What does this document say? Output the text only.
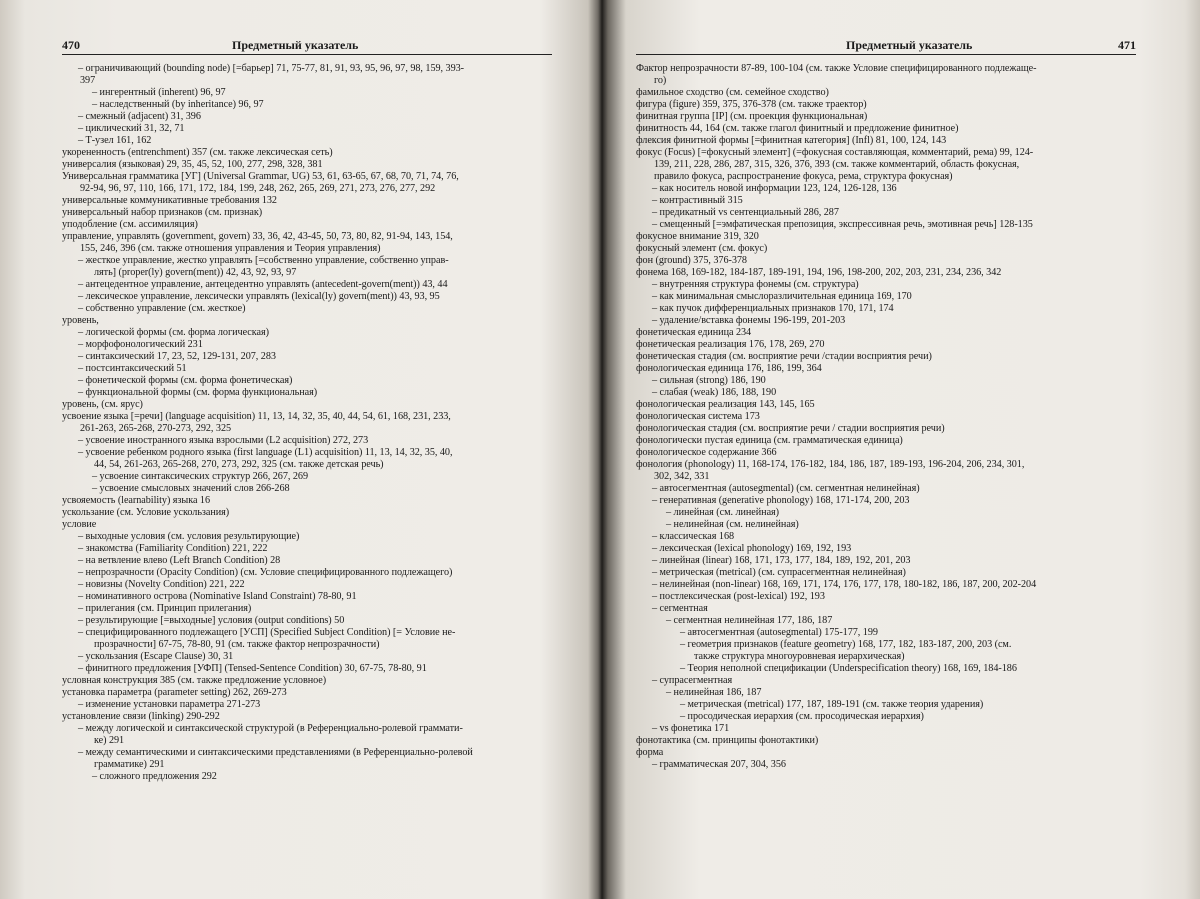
470	Предметный указатель
– ограничивающий (bounding node) [=барьер] 71, 75-77, 81, 91, 93, 95, 96, 97, 98, 159, 393-
397
– ингерентный (inherent) 96, 97
– наследственный (by inheritance) 96, 97
– смежный (adjacent) 31, 396
– циклический 31, 32, 71
– Т-узел 161, 162
укорененность (entrenchment) 357 (см. также лексическая сеть)
универсалия (языковая) 29, 35, 45, 52, 100, 277, 298, 328, 381
Универсальная грамматика [УГ] (Universal Grammar, UG) 53, 61, 63-65, 67, 68, 70, 71, 74, 76,
92-94, 96, 97, 110, 166, 171, 172, 184, 199, 248, 262, 265, 269, 271, 273, 276, 277, 292
универсальные коммуникативные требования 132
универсальный набор признаков (см. признак)
уподобление (см. ассимиляция)
управление, управлять (government, govern) 33, 36, 42, 43-45, 50, 73, 80, 82, 91-94, 143, 154,
155, 246, 396 (см. также отношения управления и Теория управления)
– жесткое управление, жестко управлять [=собственно управление, собственно управ-
лять] (proper(ly) govern(ment)) 42, 43, 92, 93, 97
– антецедентное управление, антецедентно управлять (antecedent-govern(ment)) 43, 44
– лексическое управление, лексически управлять (lexical(ly) govern(ment)) 43, 93, 95
– собственно управление (см. жесткое)
уровень,
– логической формы (см. форма логическая)
– морфофонологический 231
– синтаксический 17, 23, 52, 129-131, 207, 283
– постсинтаксический 51
– фонетической формы (см. форма фонетическая)
– функциональной формы (см. форма функциональная)
уровень, (см. ярус)
усвоение языка [=речи] (language acquisition) 11, 13, 14, 32, 35, 40, 44, 54, 61, 168, 231, 233,
261-263, 265-268, 270-273, 292, 325
– усвоение иностранного языка взрослыми (L2 acquisition) 272, 273
– усвоение ребенком родного языка (first language (L1) acquisition) 11, 13, 14, 32, 35, 40,
44, 54, 261-263, 265-268, 270, 273, 292, 325 (см. также детская речь)
– усвоение синтаксических структур 266, 267, 269
– усвоение смысловых значений слов 266-268
усвояемость (learnability) языка 16
ускользание (см. Условие ускользания)
условие
– выходные условия (см. условия результирующие)
– знакомства (Familiarity Condition) 221, 222
– на ветвление влево (Left Branch Condition) 28
– непрозрачности (Opacity Condition) (см. Условие специфицированного подлежащего)
– новизны (Novelty Condition) 221, 222
– номинативного острова (Nominative Island Constraint) 78-80, 91
– прилегания (см. Принцип прилегания)
– результирующие [=выходные] условия (output conditions) 50
– специфицированного подлежащего [УСП] (Specified Subject Condition) [= Условие не-
прозрачности] 67-75, 78-80, 91 (см. также фактор непрозрачности)
– ускользания (Escape Clause) 30, 31
– финитного предложения [УФП] (Tensed-Sentence Condition) 30, 67-75, 78-80, 91
условная конструкция 385 (см. также предложение условное)
установка параметра (parameter setting) 262, 269-273
– изменение установки параметра 271-273
установление связи (linking) 290-292
– между логической и синтаксической структурой (в Референциально-ролевой граммати-
ке) 291
– между семантическими и синтаксическими представлениями (в Референциально-ролевой
грамматике) 291
– сложного предложения 292
Предметный указатель	471
Фактор непрозрачности 87-89, 100-104 (см. также Условие специфицированного подлежаще-
го)
фамильное сходство (см. семейное сходство)
фигура (figure) 359, 375, 376-378 (см. также траектор)
финитная группа [IP] (см. проекция функциональная)
финитность 44, 164 (см. также глагол финитный и предложение финитное)
флексия финитной формы [=финитная категория] (Infl) 81, 100, 124, 143
фокус (Focus) [=фокусный элемент] (=фокусная составляющая, комментарий, рема) 99, 124-
139, 211, 228, 286, 287, 315, 326, 376, 393 (см. также комментарий, область фокусная,
правило фокуса, распространение фокуса, рема, структура фокусная)
– как носитель новой информации 123, 124, 126-128, 136
– контрастивный 315
– предикатный vs сентенциальный 286, 287
– смещенный [=эмфатическая препозиция, экспрессивная речь, эмотивная речь] 128-135
фокусное внимание 319, 320
фокусный элемент (см. фокус)
фон (ground) 375, 376-378
фонема 168, 169-182, 184-187, 189-191, 194, 196, 198-200, 202, 203, 231, 234, 236, 342
– внутренняя структура фонемы (см. структура)
– как минимальная смыслоразличительная единица 169, 170
– как пучок дифференциальных признаков 170, 171, 174
– удаление/вставка фонемы 196-199, 201-203
фонетическая единица 234
фонетическая реализация 176, 178, 269, 270
фонетическая стадия (см. восприятие речи /стадии восприятия речи)
фонологическая единица 176, 186, 199, 364
– сильная (strong) 186, 190
– слабая (weak) 186, 188, 190
фонологическая реализация 143, 145, 165
фонологическая система 173
фонологическая стадия (см. восприятие речи / стадии восприятия речи)
фонологически пустая единица (см. грамматическая единица)
фонологическое содержание 366
фонология (phonology) 11, 168-174, 176-182, 184, 186, 187, 189-193, 196-204, 206, 234, 301,
302, 342, 331
– автосегментная (autosegmental) (см. сегментная нелинейная)
– генеративная (generative phonology) 168, 171-174, 200, 203
– линейная (см. линейная)
– нелинейная (см. нелинейная)
– классическая 168
– лексическая (lexical phonology) 169, 192, 193
– линейная (linear) 168, 171, 173, 177, 184, 189, 192, 201, 203
– метрическая (metrical) (см. супрасегментная нелинейная)
– нелинейная (non-linear) 168, 169, 171, 174, 176, 177, 178, 180-182, 186, 187, 200, 202-204
– постлексическая (post-lexical) 192, 193
– сегментная
– сегментная нелинейная 177, 186, 187
– автосегментная (autosegmental) 175-177, 199
– геометрия признаков (feature geometry) 168, 177, 182, 183-187, 200, 203 (см.
также структура многоуровневая иерархическая)
– Теория неполной спецификации (Underspecification theory) 168, 169, 184-186
– супрасегментная
– нелинейная 186, 187
– метрическая (metrical) 177, 187, 189-191 (см. также теория ударения)
– просодическая иерархия (см. просодическая иерархия)
– vs фонетика 171
фонотактика (см. принципы фонотактики)
форма
– грамматическая 207, 304, 356
